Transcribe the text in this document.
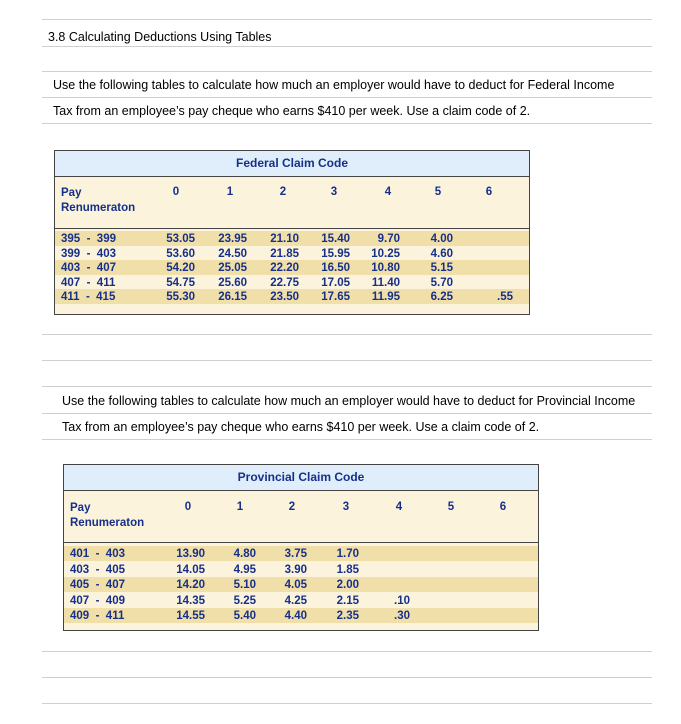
3.8 Calculating Deductions Using Tables
Use the following tables to calculate how much an employer would have to deduct for Federal Income
Tax from an employee’s pay cheque who earns $410 per week. Use a claim code of 2.
Federal Claim Code
Pay
Renumeraton
0	1	2	3	4	5	6
395  -  399	53.05	23.95	21.10	15.40	9.70	4.00
399  -  403	53.60	24.50	21.85	15.95	10.25	4.60
403  -  407	54.20	25.05	22.20	16.50	10.80	5.15
407  -  411	54.75	25.60	22.75	17.05	11.40	5.70
411  -  415	55.30	26.15	23.50	17.65	11.95	6.25	.55
Use the following tables to calculate how much an employer would have to deduct for Provincial Income
Tax from an employee’s pay cheque who earns $410 per week. Use a claim code of 2.
Provincial Claim Code
Pay
Renumeraton
0	1	2	3	4	5	6
401  -  403	13.90	4.80	3.75	1.70
403  -  405	14.05	4.95	3.90	1.85
405  -  407	14.20	5.10	4.05	2.00
407  -  409	14.35	5.25	4.25	2.15	.10
409  -  411	14.55	5.40	4.40	2.35	.30
